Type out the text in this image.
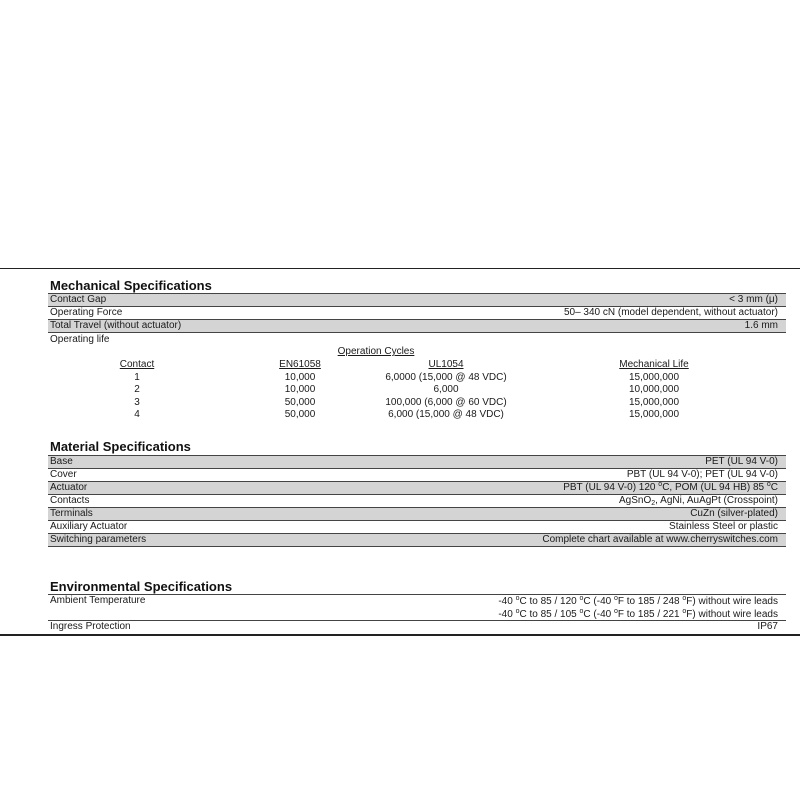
Mechanical Specifications
Contact Gap	< 3 mm (μ)
Operating Force	50– 340 cN (model dependent, without actuator)
Total Travel (without actuator)	1.6 mm
Operating life
Operation Cycles
Contact	EN61058	UL1054	Mechanical Life
1	10,000	6,0000 (15,000 @ 48 VDC)	15,000,000
2	10,000	6,000	10,000,000
3	50,000	100,000 (6,000 @ 60 VDC)	15,000,000
4	50,000	6,000 (15,000 @ 48 VDC)	15,000,000
Material Specifications
Base	PET (UL 94 V-0)
Cover	PBT (UL 94 V-0); PET (UL 94 V-0)
Actuator	PBT (UL 94 V-0) 120 $^o$C, POM (UL 94 HB) 85 $^o$C
Contacts	AgSnO$_2$, AgNi, AuAgPt (Crosspoint)
Terminals	CuZn (silver-plated)
Auxiliary Actuator	Stainless Steel or plastic
Switching parameters	Complete chart available at www.cherryswitches.com
Environmental Specifications
Ambient Temperature	-40 $^o$C to 85 / 120 $^o$C (-40 $^o$F to 185 / 248 $^o$F) without wire leads
-40 $^o$C to 85 / 105 $^o$C (-40 $^o$F to 185 / 221 $^o$F) without wire leads
Ingress Protection	IP67
